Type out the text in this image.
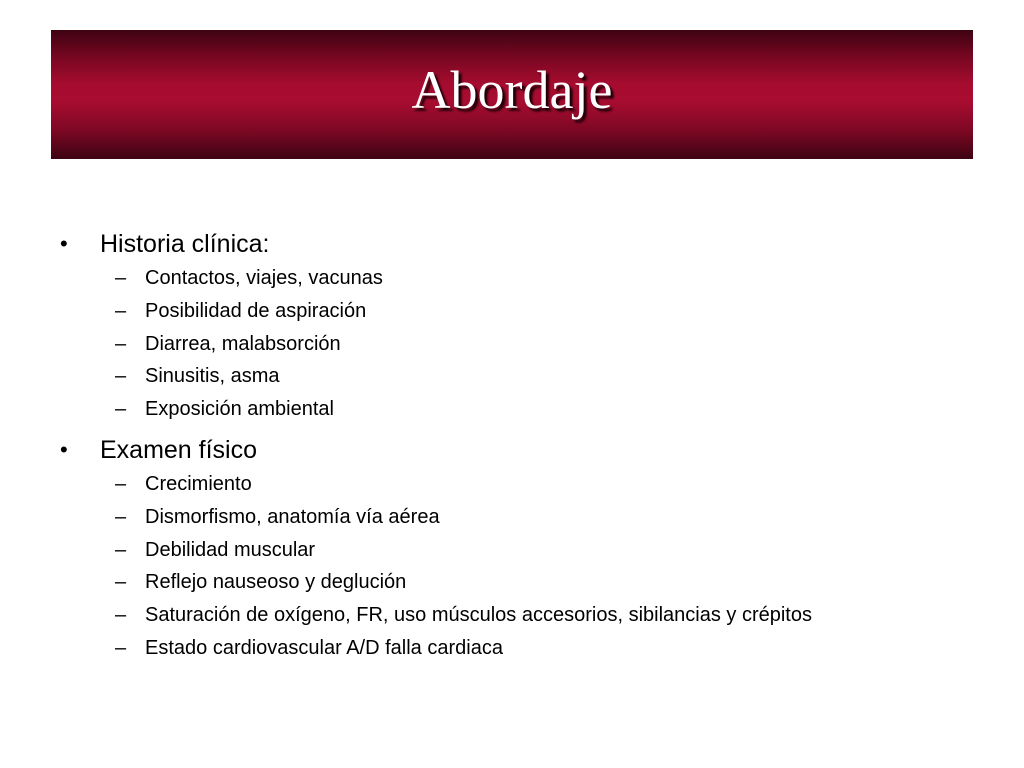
Abordaje
• Historia clínica:
– Contactos, viajes, vacunas
– Posibilidad de aspiración
– Diarrea, malabsorción
– Sinusitis, asma
– Exposición ambiental
• Examen físico
– Crecimiento
– Dismorfismo, anatomía vía aérea
– Debilidad muscular
– Reflejo nauseoso y deglución
– Saturación de oxígeno, FR, uso músculos accesorios, sibilancias y crépitos
– Estado cardiovascular A/D falla cardiaca
